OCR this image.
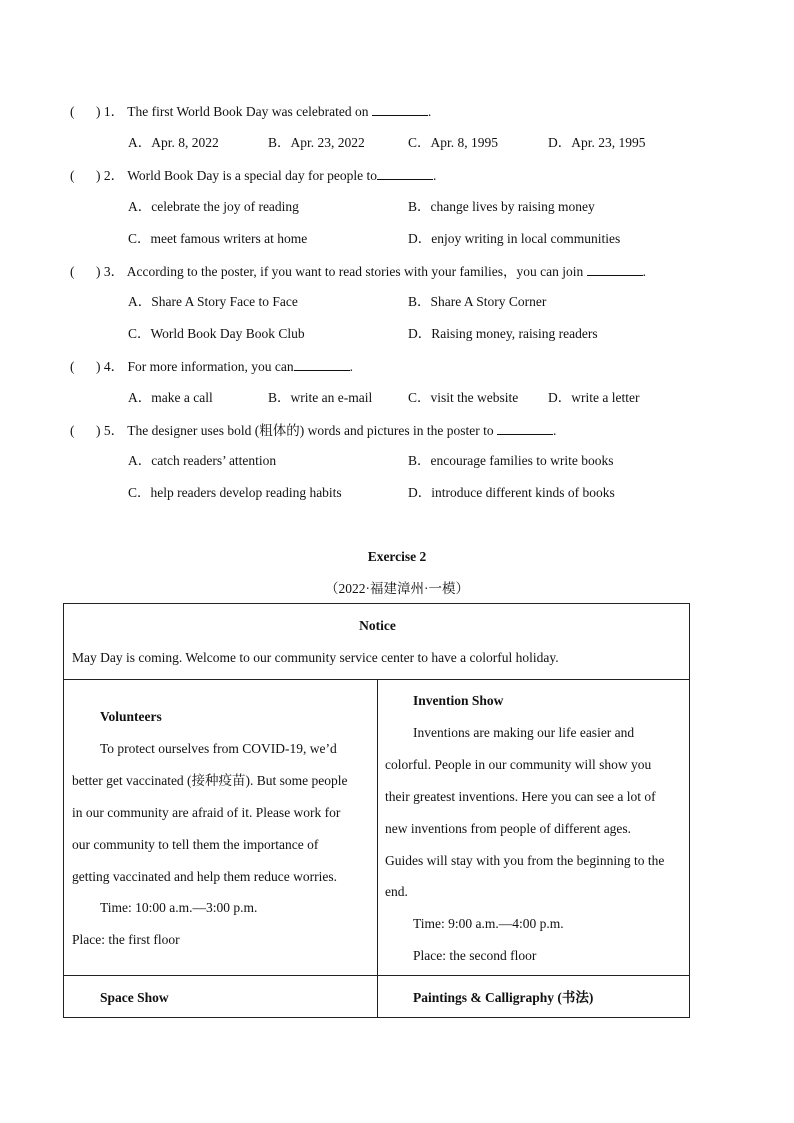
( ) 1． The first World Book Day was celebrated on	.
A．Apr. 8, 2022	B．Apr. 23, 2022	C．Apr. 8, 1995	D．Apr. 23, 1995
( ) 2． World Book Day is a special day for people to	.
A．celebrate the joy of reading	B．change lives by raising money
C．meet famous writers at home	D．enjoy writing in local communities
( ) 3． According to the poster, if you want to read stories with your families，you can join	.
A．Share A Story Face to Face	B．Share A Story Corner
C．World Book Day Book Club	D．Raising money, raising readers
( ) 4． For more information, you can	.
A．make a call	B．write an e-mail	C．visit the website D．write a letter
( ) 5． The designer uses bold (粗体的) words and pictures in the poster to	.
A．catch readers’ attention	B．encourage families to write books
C．help readers develop reading habits	D．introduce different kinds of books
Exercise 2
（2022·福建漳州·一模）
Notice
May Day is coming. Welcome to our community service center to have a colorful holiday.
Volunteers
To protect ourselves from COVID-19, we’d
better get vaccinated (接种疫苗). But some people
in our community are afraid of it. Please work for
our community to tell them the importance of
getting vaccinated and help them reduce worries.
Time: 10:00 a.m.—3:00 p.m.
Place: the first floor
Invention Show
Inventions are making our life easier and
colorful. People in our community will show you
their greatest inventions. Here you can see a lot of
new inventions from people of different ages.
Guides will stay with you from the beginning to the
end.
Time: 9:00 a.m.—4:00 p.m.
Place: the second floor
Space Show	Paintings & Calligraphy (书法)
